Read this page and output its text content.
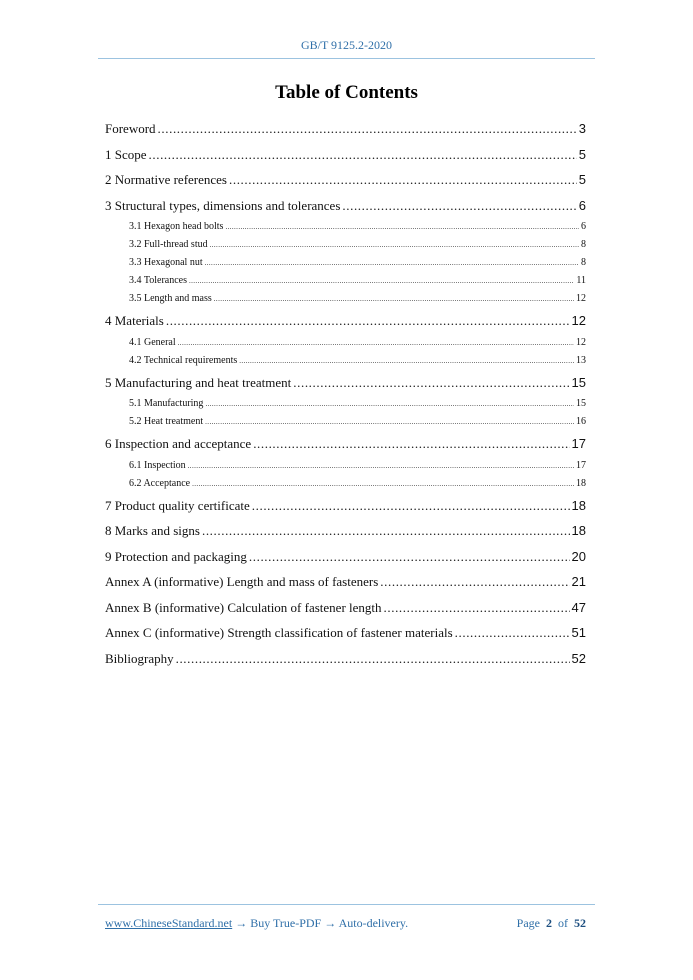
GB/T 9125.2-2020
Table of Contents
Foreword .....	3
1 Scope .....	5
2 Normative references .....	5
3 Structural types, dimensions and tolerances .....	6
3.1 Hexagon head bolts .....	6
3.2 Full-thread stud .....	8
3.3 Hexagonal nut .....	8
3.4 Tolerances .....	11
3.5 Length and mass .....	12
4 Materials .....	12
4.1 General .....	12
4.2 Technical requirements .....	13
5 Manufacturing and heat treatment .....	15
5.1 Manufacturing .....	15
5.2 Heat treatment .....	16
6 Inspection and acceptance .....	17
6.1 Inspection .....	17
6.2 Acceptance .....	18
7 Product quality certificate .....	18
8 Marks and signs .....	18
9 Protection and packaging .....	20
Annex A (informative) Length and mass of fasteners .....	21
Annex B (informative) Calculation of fastener length .....	47
Annex C (informative) Strength classification of fastener materials .....	51
Bibliography .....	52
www.ChineseStandard.net → Buy True-PDF → Auto-delivery.	Page 2 of 52
